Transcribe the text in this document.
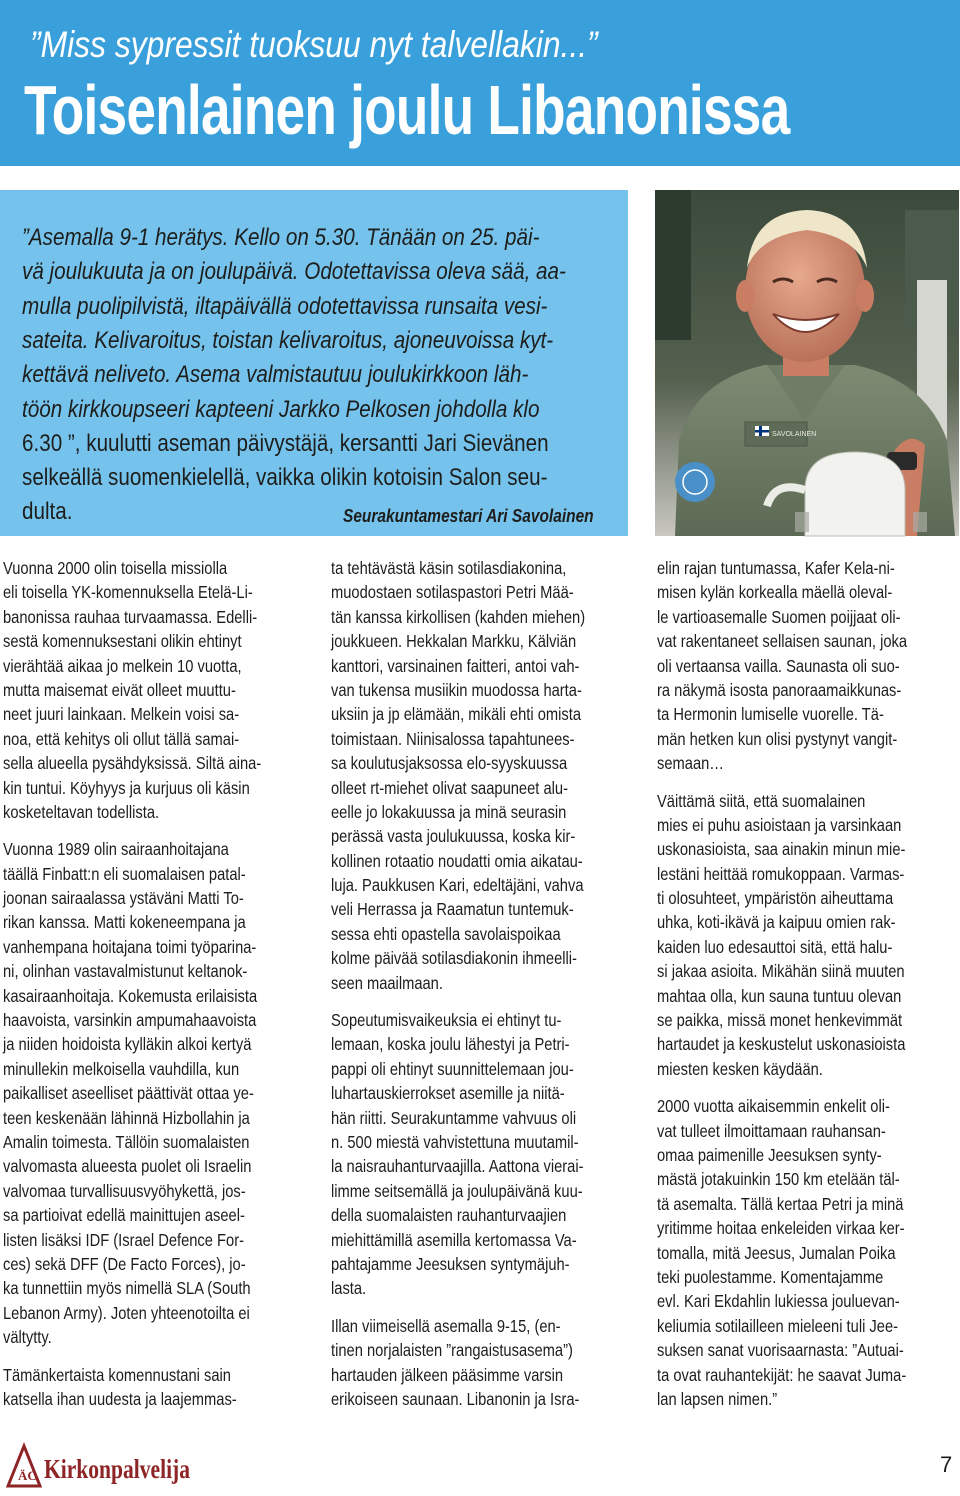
”Miss sypressit tuoksuu nyt talvellakin...”
Toisenlainen joulu Libanonissa
”Asemalla 9-1 herätys. Kello on 5.30. Tänään on 25. päi-
vä joulukuuta ja on joulupäivä. Odotettavissa oleva sää, aa-
mulla puolipilvistä, iltapäivällä odotettavissa runsaita vesi-
sateita. Kelivaroitus, toistan kelivaroitus, ajoneuvoissa kyt-
kettävä neliveto. Asema valmistautuu joulukirkkoon läh-
töön kirkkoupseeri kapteeni Jarkko Pelkosen johdolla klo
6.30 ”, kuulutti aseman päivystäjä, kersantti Jari Sievänen
selkeällä suomenkielellä, vaikka olikin kotoisin Salon seu-
dulta.	Seurakuntamestari Ari Savolainen
SAVOLAINEN

Vuonna 2000 olin toisella missiolla
eli toisella YK-komennuksella Etelä-Li-
banonissa rauhaa turvaamassa. Edelli-
sestä komennuksestani olikin ehtinyt
vierähtää aikaa jo melkein 10 vuotta,
mutta maisemat eivät olleet muuttu-
neet juuri lainkaan. Melkein voisi sa-
noa, että kehitys oli ollut tällä samai-
sella alueella pysähdyksissä. Siltä aina-
kin tuntui. Köyhyys ja kurjuus oli käsin
kosketeltavan todellista.

Vuonna 1989 olin sairaanhoitajana
täällä Finbatt:n eli suomalaisen patal-
joonan sairaalassa ystäväni Matti To-
rikan kanssa. Matti kokeneempana ja
vanhempana hoitajana toimi työparina-
ni, olinhan vastavalmistunut keltanok-
kasairaanhoitaja. Kokemusta erilaisista
haavoista, varsinkin ampumahaavoista
ja niiden hoidoista kylläkin alkoi kertyä
minullekin melkoisella vauhdilla, kun
paikalliset aseelliset päättivät ottaa ye-
teen keskenään lähinnä Hizbollahin ja
Amalin toimesta. Tällöin suomalaisten
valvomasta alueesta puolet oli Israelin
valvomaa turvallisuusvyöhykettä, jos-
sa partioivat edellä mainittujen aseel-
listen lisäksi IDF (Israel Defence For-
ces) sekä DFF (De Facto Forces), jo-
ka tunnettiin myös nimellä SLA (South
Lebanon Army). Joten yhteenotoilta ei
vältytty.

Tämänkertaista komennustani sain
katsella ihan uudesta ja laajemmas-

ta tehtävästä käsin sotilasdiakonina,
muodostaen sotilaspastori Petri Mää-
tän kanssa kirkollisen (kahden miehen)
joukkueen. Hekkalan Markku, Kälviän
kanttori, varsinainen faitteri, antoi vah-
van tukensa musiikin muodossa harta-
uksiin ja jp elämään, mikäli ehti omista
toimistaan. Niinisalossa tapahtunees-
sa koulutusjaksossa elo-syyskuussa
olleet rt-miehet olivat saapuneet alu-
eelle jo lokakuussa ja minä seurasin
perässä vasta joulukuussa, koska kir-
kollinen rotaatio noudatti omia aikatau-
luja. Paukkusen Kari, edeltäjäni, vahva
veli Herrassa ja Raamatun tuntemuk-
sessa ehti opastella savolaispoikaa
kolme päivää sotilasdiakonin ihmeelli-
seen maailmaan.

Sopeutumisvaikeuksia ei ehtinyt tu-
lemaan, koska joulu lähestyi ja Petri-
pappi oli ehtinyt suunnittelemaan jou-
luhartauskierrokset asemille ja niitä-
hän riitti. Seurakuntamme vahvuus oli
n. 500 miestä vahvistettuna muutamil-
la naisrauhanturvaajilla. Aattona vierai-
limme seitsemällä ja joulupäivänä kuu-
della suomalaisten rauhanturvaajien
miehittämillä asemilla kertomassa Va-
pahtajamme Jeesuksen syntymäjuh-
lasta.

Illan viimeisellä asemalla 9-15, (en-
tinen norjalaisten ”rangaistusasema”)
hartauden jälkeen pääsimme varsin
erikoiseen saunaan. Libanonin ja Isra-

elin rajan tuntumassa, Kafer Kela-ni-
misen kylän korkealla mäellä oleval-
le vartioasemalle Suomen poijjaat oli-
vat rakentaneet sellaisen saunan, joka
oli vertaansa vailla. Saunasta oli suo-
ra näkymä isosta panoraamaikkunas-
ta Hermonin lumiselle vuorelle. Tä-
män hetken kun olisi pystynyt vangit-
semaan…

Väittämä siitä, että suomalainen
mies ei puhu asioistaan ja varsinkaan
uskonasioista, saa ainakin minun mie-
lestäni heittää romukoppaan. Varmas-
ti olosuhteet, ympäristön aiheuttama
uhka, koti-ikävä ja kaipuu omien rak-
kaiden luo edesauttoi sitä, että halu-
si jakaa asioita. Mikähän siinä muuten
mahtaa olla, kun sauna tuntuu olevan
se paikka, missä monet henkevimmät
hartaudet ja keskustelut uskonasioista
miesten kesken käydään.

2000 vuotta aikaisemmin enkelit oli-
vat tulleet ilmoittamaan rauhansan-
omaa paimenille Jeesuksen synty-
mästä jotakuinkin 150 km etelään täl-
tä asemalta. Tällä kertaa Petri ja minä
yritimme hoitaa enkeleiden virkaa ker-
tomalla, mitä Jeesus, Jumalan Poika
teki puolestamme. Komentajamme
evl. Kari Ekdahlin lukiessa jouluevan-
keliumia sotilailleen mieleeni tuli Jee-
suksen sanat vuorisaarnasta: ”Autuai-
ta ovat rauhantekijät: he saavat Juma-
lan lapsen nimen.”

ÄC Kirkonpalvelija	7
